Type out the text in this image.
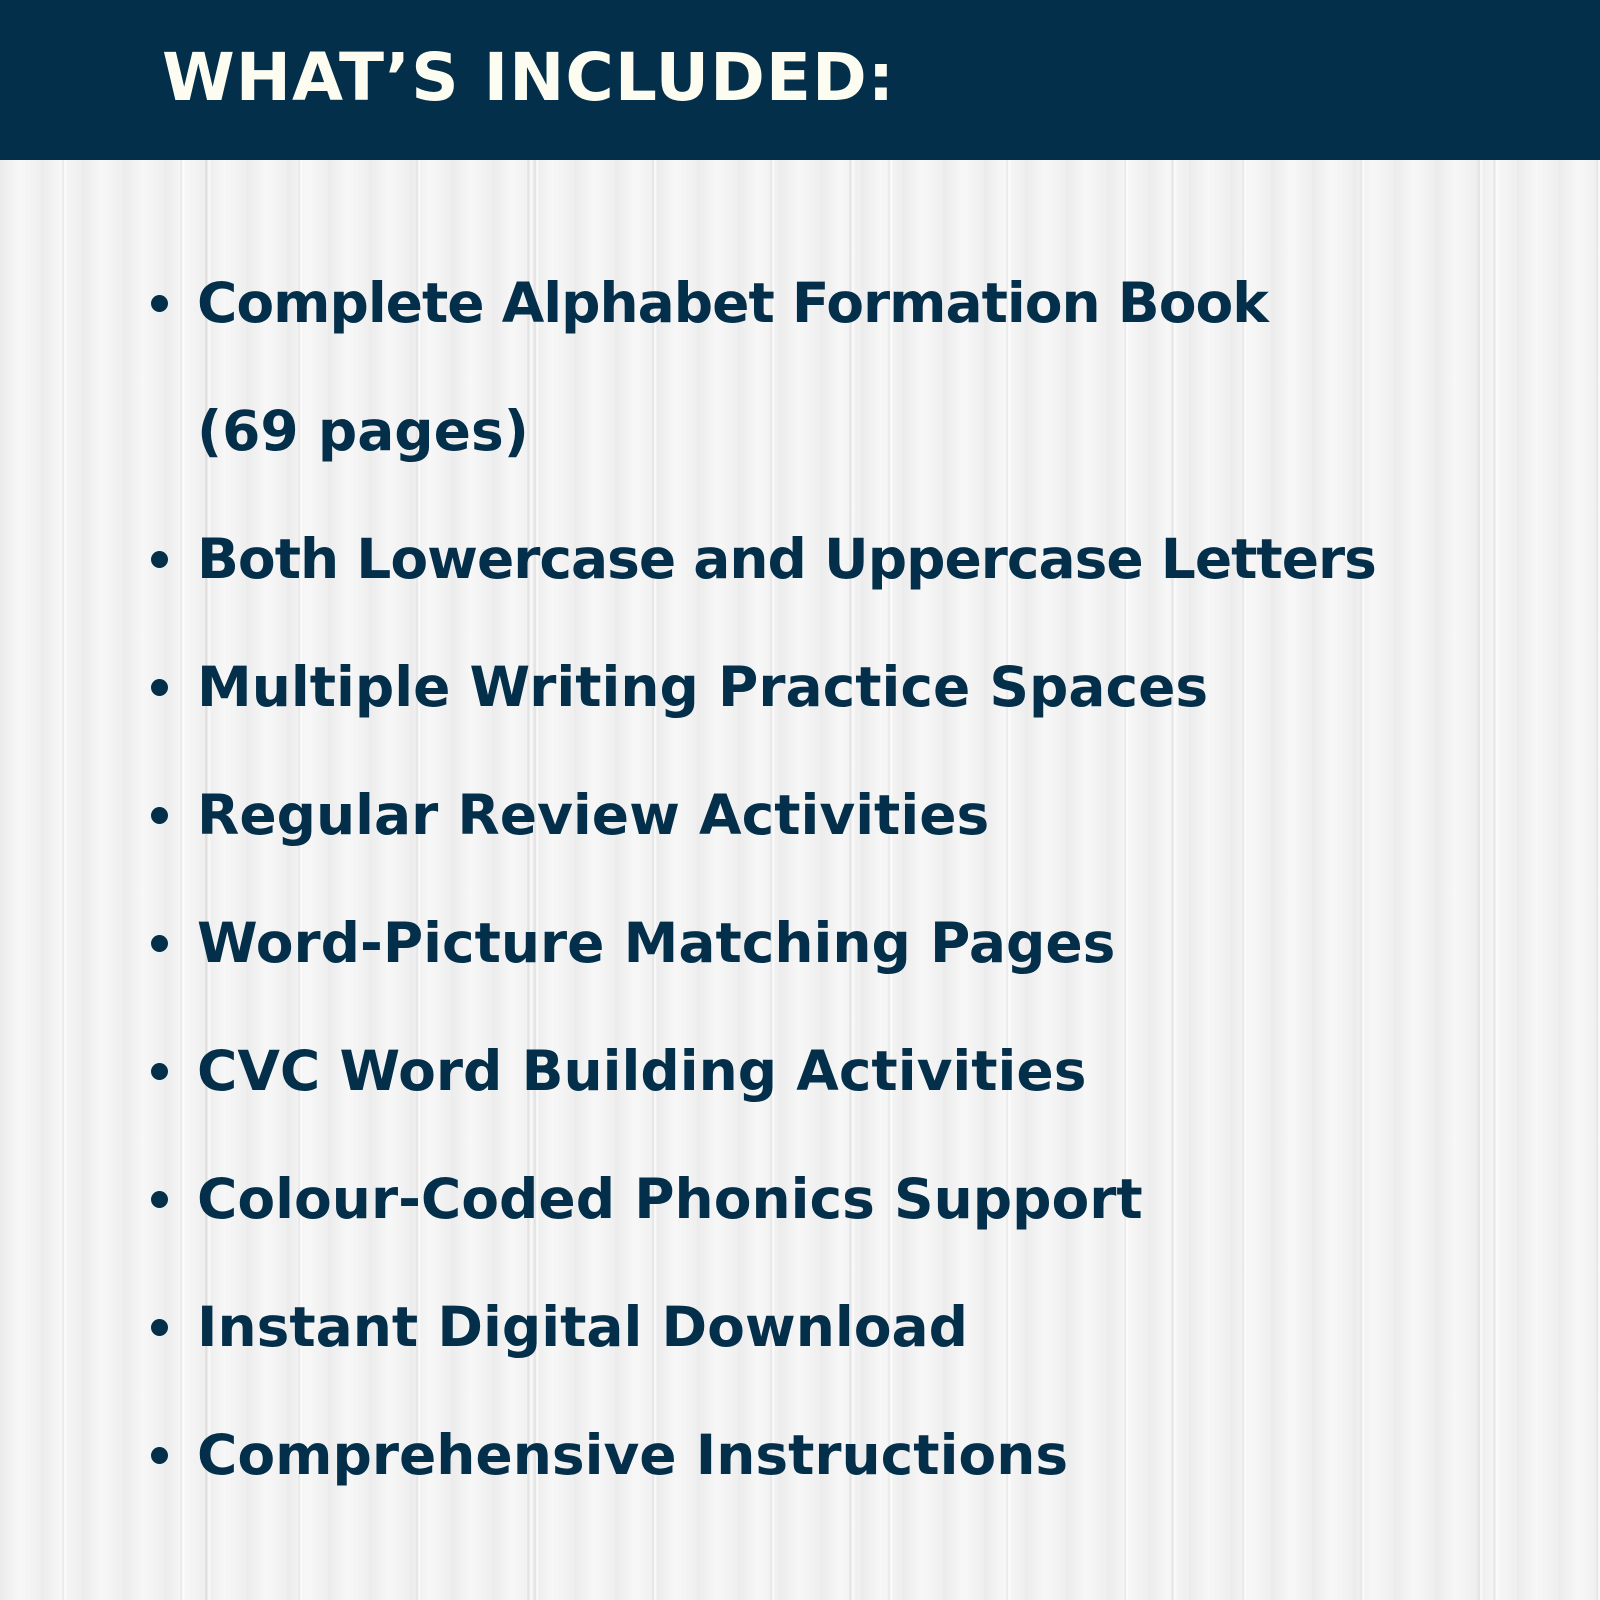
WHAT’S INCLUDED:
Complete Alphabet Formation Book
(69 pages)
Both Lowercase and Uppercase Letters
Multiple Writing Practice Spaces
Regular Review Activities
Word-Picture Matching Pages
CVC Word Building Activities
Colour-Coded Phonics Support
Instant Digital Download
Comprehensive Instructions
